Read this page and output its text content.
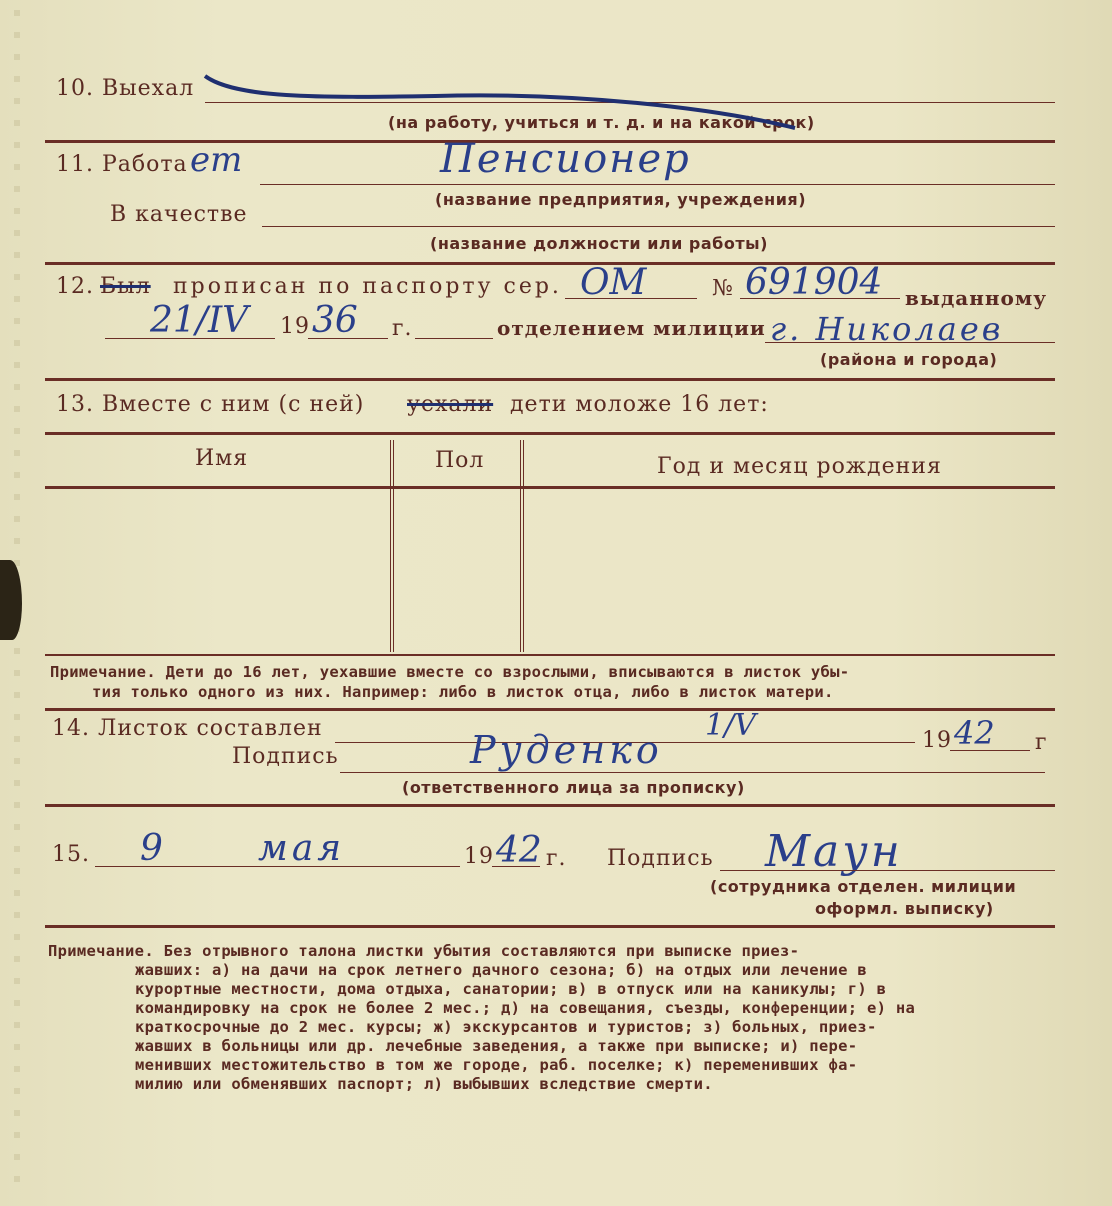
10. Выехал
(на работу, учиться и т. д. и на какой срок)
11. Работа ет	Пенсионер
(название предприятия, учреждения)
В качестве
(название должности или работы)
12. Был прописан по паспорту сер. ОМ	№ 691904 выданному
21/IV 19 36 г.	отделением милиции г. Николаев
(района и города)
13. Вместе с ним (с ней) уехали дети моложе 16 лет:
Имя	Пол	Год и месяц рождения
Примечание. Дети до 16 лет, уехавшие вместе со взрослыми, вписываются в листок убы-
тия только одного из них. Например: либо в листок отца, либо в листок матери.
14. Листок составлен	1/V	19 42 г
Подпись	Руденко
(ответственного лица за прописку)
15. 9	мая	19 42 г. Подпись Маун
(сотрудника отделен. милиции
оформл. выписку)
Примечание. Без отрывного талона листки убытия составляются при выписке приез-
жавших: а) на дачи на срок летнего дачного сезона; б) на отдых или лечение в
курортные местности, дома отдыха, санатории; в) в отпуск или на каникулы; г) в
командировку на срок не более 2 мес.; д) на совещания, съезды, конференции; е) на
краткосрочные до 2 мес. курсы; ж) экскурсантов и туристов; з) больных, приез-
жавших в больницы или др. лечебные заведения, а также при выписке; и) пере-
менивших местожительство в том же городе, раб. поселке; к) переменивших фа-
милию или обменявших паспорт; л) выбывших вследствие смерти.
